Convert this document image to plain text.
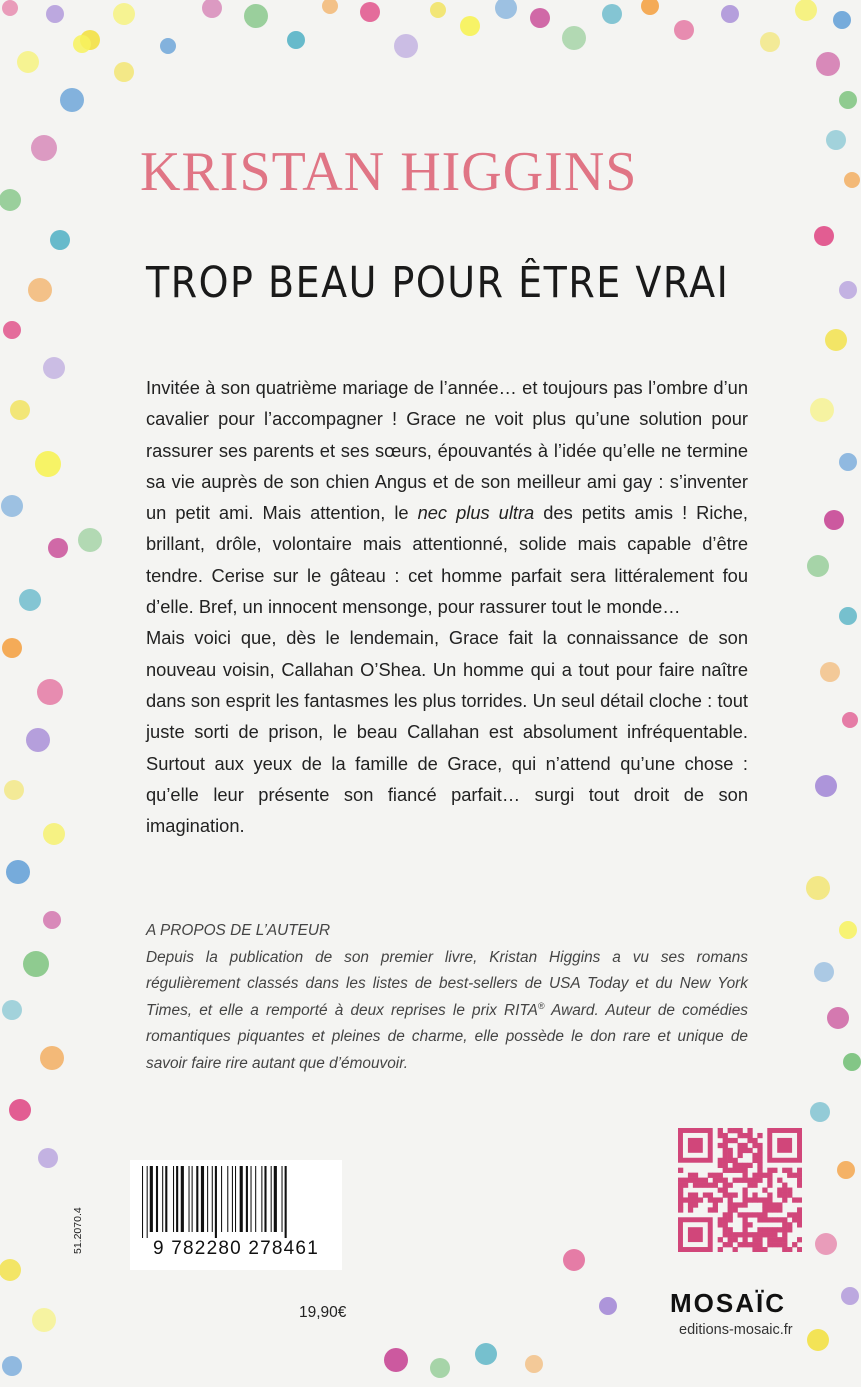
KRISTAN HIGGINS
TROP BEAU POUR ÊTRE VRAI

Invitée à son quatrième mariage de l’année… et toujours pas l’ombre d’un cavalier pour l’accompagner ! Grace ne voit plus qu’une solution pour rassurer ses parents et ses sœurs, épouvantés à l’idée qu’elle ne termine sa vie auprès de son chien Angus et de son meilleur ami gay : s’inventer un petit ami. Mais attention, le nec plus ultra des petits amis ! Riche, brillant, drôle, volontaire mais attentionné, solide mais capable d’être tendre. Cerise sur le gâteau : cet homme parfait sera littéralement fou d’elle. Bref, un innocent mensonge, pour rassurer tout le monde…

Mais voici que, dès le lendemain, Grace fait la connaissance de son nouveau voisin, Callahan O’Shea. Un homme qui a tout pour faire naître dans son esprit les fantasmes les plus torrides. Un seul détail cloche : tout juste sorti de prison, le beau Callahan est absolument infréquentable. Surtout aux yeux de la famille de Grace, qui n’attend qu’une chose : qu’elle leur présente son fiancé parfait… surgi tout droit de son imagination.

A PROPOS DE L’AUTEUR

Depuis la publication de son premier livre, Kristan Higgins a vu ses romans régulièrement classés dans les listes de best-sellers de USA Today et du New York Times, et elle a remporté à deux reprises le prix RITA® Award. Auteur de comédies romantiques piquantes et pleines de charme, elle possède le don rare et unique de savoir faire rire autant que d’émouvoir.

51.2070.4	9 782280 278461
19,90€	MOSAÏC
editions-mosaic.fr
